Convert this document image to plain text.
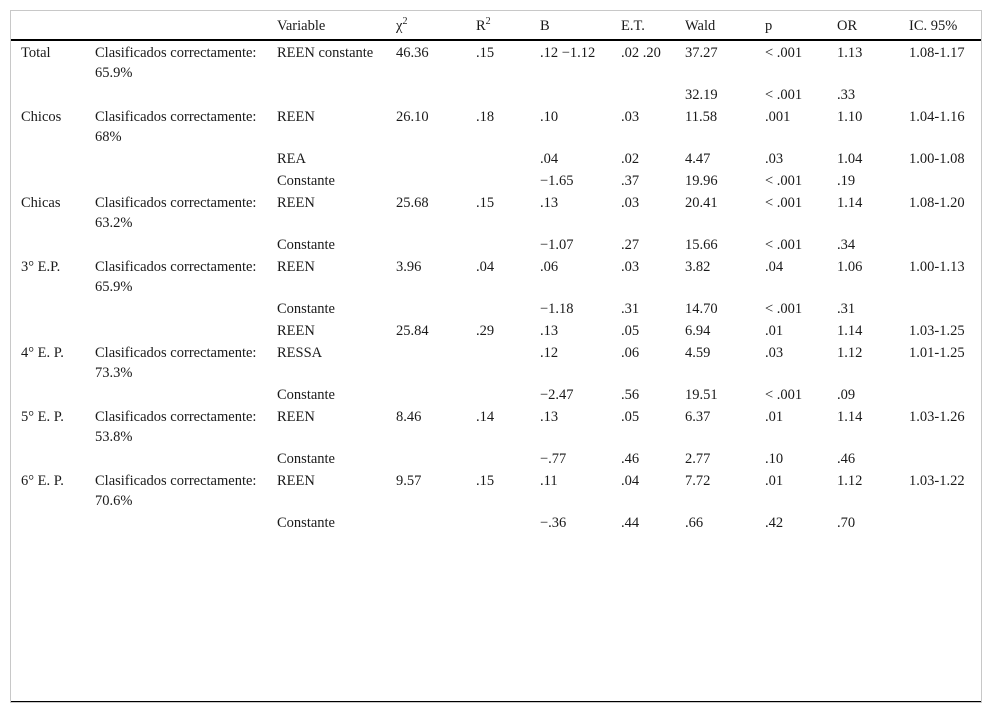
		Variable	$\chi^2$	$R^2$	B	E.T.	Wald	p	OR	IC. 95%
Total	Clasificados correctamente: 65.9%	REEN constante	46.36	.15	.12 −1.12	.02 .20	37.27	< .001	1.13	1.08-1.17
							32.19	< .001	.33	
Chicos	Clasificados correctamente: 68%	REEN	26.10	.18	.10	.03	11.58	.001	1.10	1.04-1.16
		REA			.04	.02	4.47	.03	1.04	1.00-1.08
		Constante			−1.65	.37	19.96	< .001	.19	
Chicas	Clasificados correctamente: 63.2%	REEN	25.68	.15	.13	.03	20.41	< .001	1.14	1.08-1.20
		Constante			−1.07	.27	15.66	< .001	.34	
3° E.P.	Clasificados correctamente: 65.9%	REEN	3.96	.04	.06	.03	3.82	.04	1.06	1.00-1.13
		Constante			−1.18	.31	14.70	< .001	.31	
		REEN	25.84	.29	.13	.05	6.94	.01	1.14	1.03-1.25
4° E. P.	Clasificados correctamente: 73.3%	RESSA			.12	.06	4.59	.03	1.12	1.01-1.25
		Constante			−2.47	.56	19.51	< .001	.09	
5° E. P.	Clasificados correctamente: 53.8%	REEN	8.46	.14	.13	.05	6.37	.01	1.14	1.03-1.26
		Constante			−.77	.46	2.77	.10	.46	
6° E. P.	Clasificados correctamente: 70.6%	REEN	9.57	.15	.11	.04	7.72	.01	1.12	1.03-1.22
		Constante			−.36	.44	.66	.42	.70	
